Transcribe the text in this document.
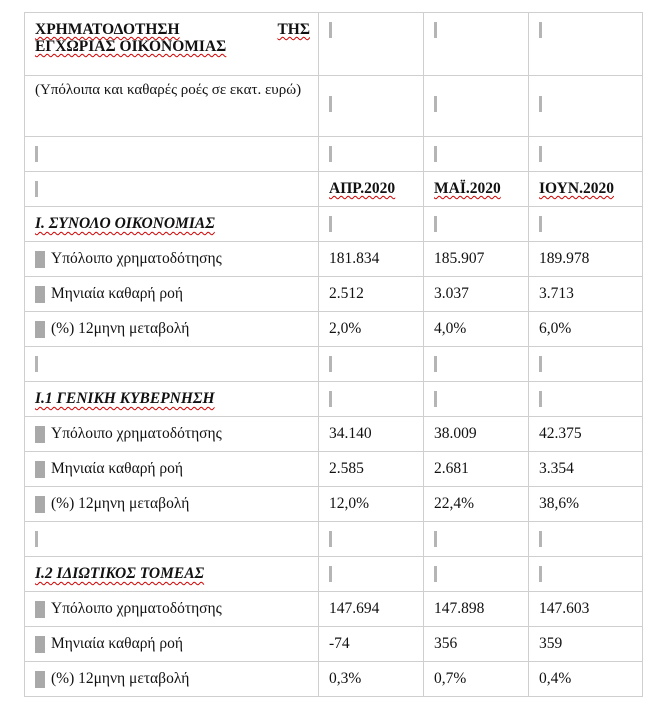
ΧΡΗΜΑΤΟΔΟΤΗΣΗ ΤΗΣ
ΕΓΧΩΡΙΑΣ ΟΙΚΟΝΟΜΙΑΣ			

(Υπόλοιπα και καθαρές ροές σε εκατ. ευρώ)			

	ΑΠΡ.2020	ΜΑΪ.2020	ΙΟΥΝ.2020
Ι. ΣΥΝΟΛΟ ΟΙΚΟΝΟΜΙΑΣ			
Υπόλοιπο χρηματοδότησης	181.834	185.907	189.978
Μηνιαία καθαρή ροή	2.512	3.037	3.713
(%) 12μηνη μεταβολή	2,0%	4,0%	6,0%

Ι.1 ΓΕΝΙΚΗ ΚΥΒΕΡΝΗΣΗ			
Υπόλοιπο χρηματοδότησης	34.140	38.009	42.375
Μηνιαία καθαρή ροή	2.585	2.681	3.354
(%) 12μηνη μεταβολή	12,0%	22,4%	38,6%

Ι.2 ΙΔΙΩΤΙΚΟΣ ΤΟΜΕΑΣ			
Υπόλοιπο χρηματοδότησης	147.694	147.898	147.603
Μηνιαία καθαρή ροή	-74	356	359
(%) 12μηνη μεταβολή	0,3%	0,7%	0,4%
